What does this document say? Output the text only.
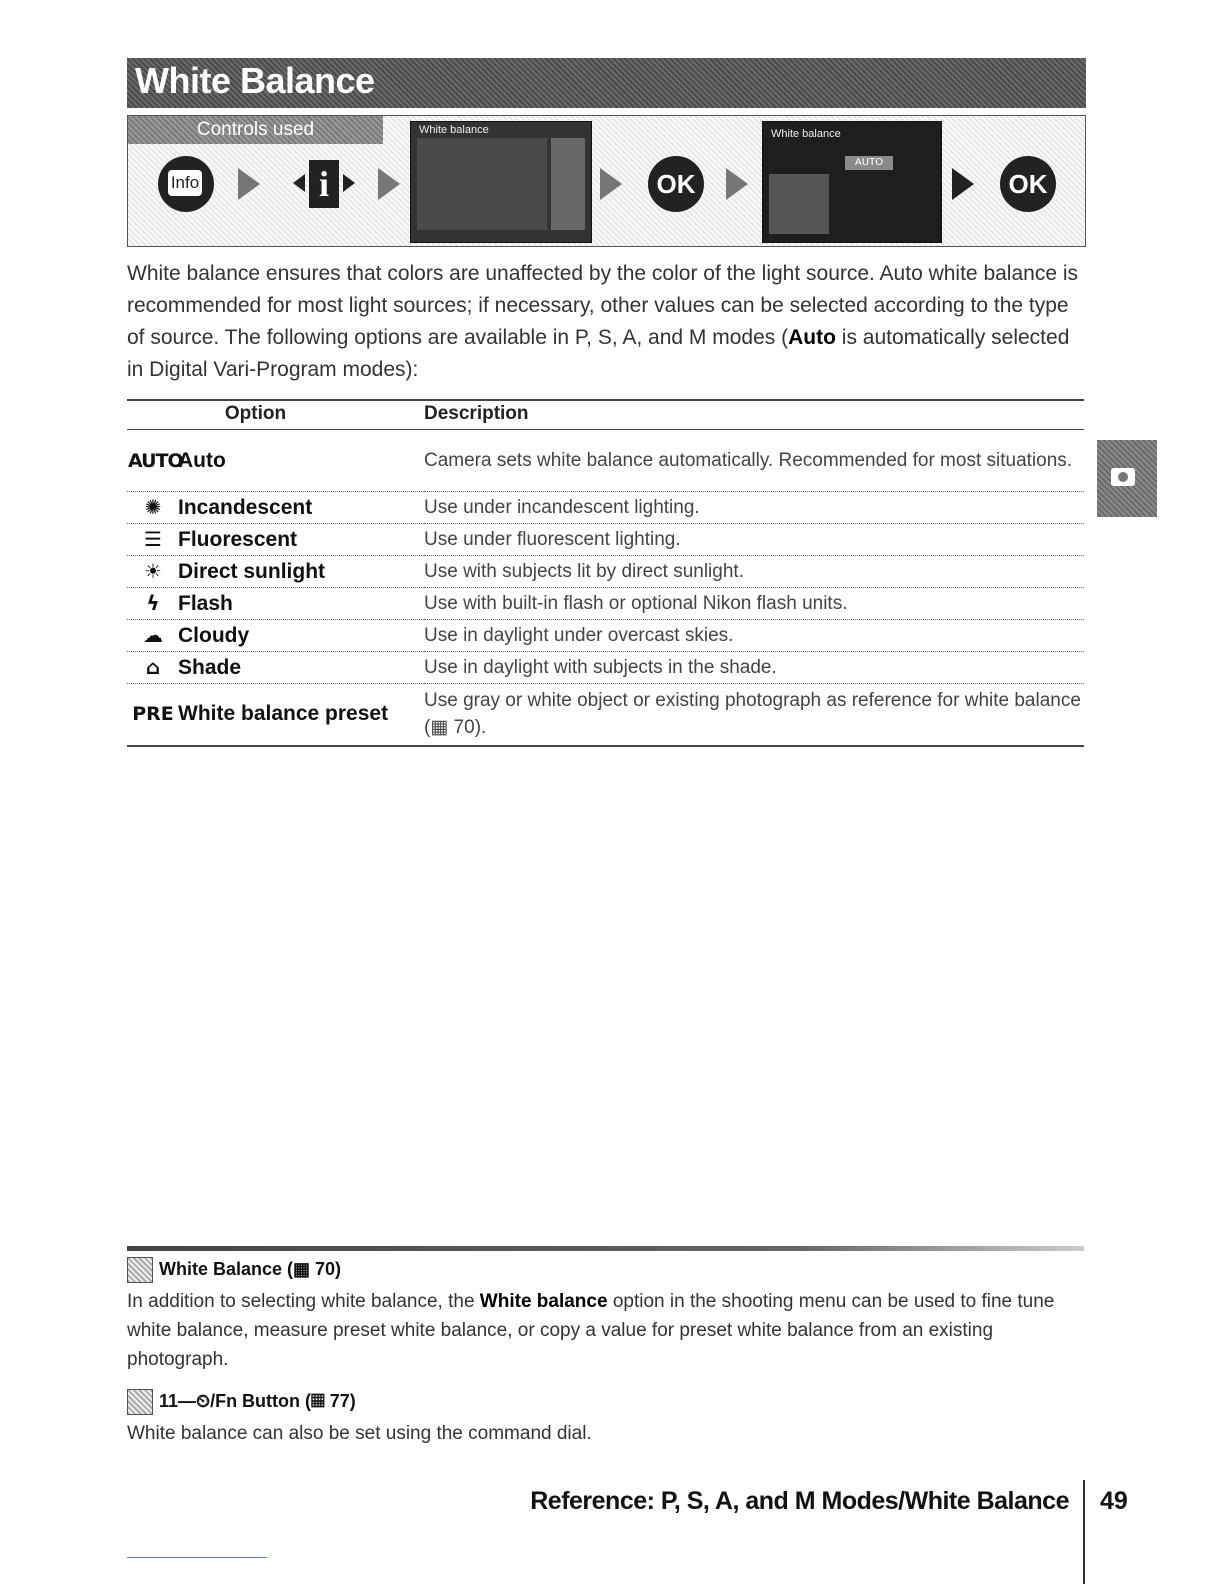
White Balance
Controls used
Info	i
White balance
OK
White balance
AUTO
OK
White balance ensures that colors are unaffected by the color of the light source. Auto white balance is recommended for most light sources; if necessary, other values can be selected according to the type of source. The following options are available in P, S, A, and M modes (Auto is automatically selected in Digital Vari-Program modes):
Option	Description
AUTOAuto	Camera sets white balance automatically. Recommended for most situations.
✺ Incandescent	Use under incandescent lighting.
☰ Fluorescent	Use under fluorescent lighting.
☀ Direct sunlight	Use with subjects lit by direct sunlight.
ϟ Flash	Use with built-in flash or optional Nikon flash units.
☁ Cloudy	Use in daylight under overcast skies.
⌂ Shade	Use in daylight with subjects in the shade.
PRE White balance preset	Use gray or white object or existing photograph as reference for white balance (▦ 70).
White Balance (▦ 70)
In addition to selecting white balance, the White balance option in the shooting menu can be used to fine tune white balance, measure preset white balance, or copy a value for preset white balance from an existing photograph.
11—⏲/Fn Button (▦ 77)
White balance can also be set using the command dial.
Reference: P, S, A, and M Modes/White Balance 49
